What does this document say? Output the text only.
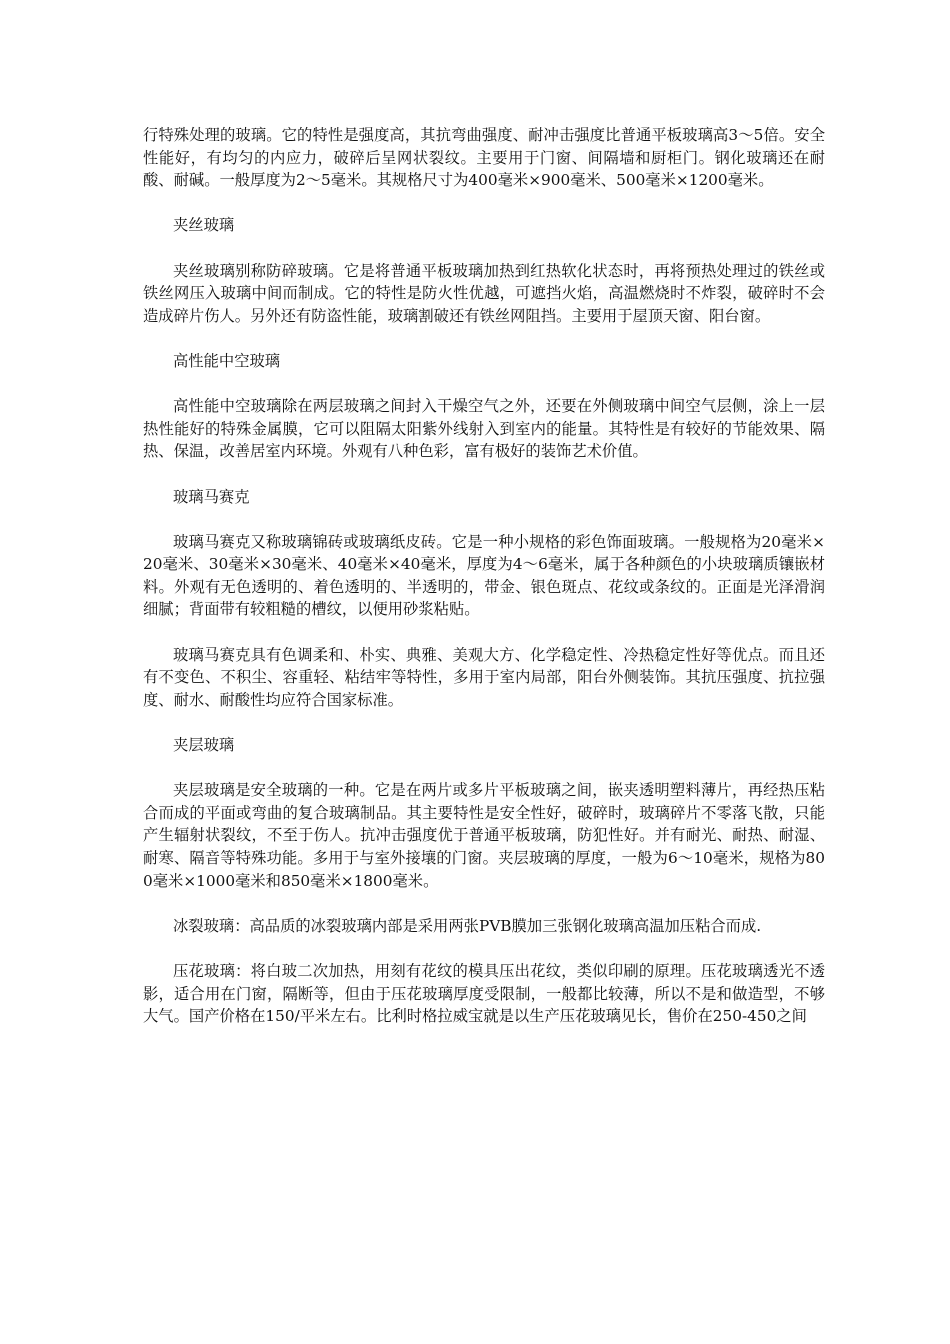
行特殊处理的玻璃。它的特性是强度高，其抗弯曲强度、耐冲击强度比普通平板玻璃高3～5倍。安全性能好，有均匀的内应力，破碎后呈网状裂纹。主要用于门窗、间隔墙和厨柜门。钢化玻璃还在耐酸、耐碱。一般厚度为2～5毫米。其规格尺寸为400毫米×900毫米、500毫米×1200毫米。

夹丝玻璃

夹丝玻璃别称防碎玻璃。它是将普通平板玻璃加热到红热软化状态时，再将预热处理过的铁丝或铁丝网压入玻璃中间而制成。它的特性是防火性优越，可遮挡火焰，高温燃烧时不炸裂，破碎时不会造成碎片伤人。另外还有防盗性能，玻璃割破还有铁丝网阻挡。主要用于屋顶天窗、阳台窗。

高性能中空玻璃

高性能中空玻璃除在两层玻璃之间封入干燥空气之外，还要在外侧玻璃中间空气层侧，涂上一层热性能好的特殊金属膜，它可以阻隔太阳紫外线射入到室内的能量。其特性是有较好的节能效果、隔热、保温，改善居室内环境。外观有八种色彩，富有极好的装饰艺术价值。

玻璃马赛克

玻璃马赛克又称玻璃锦砖或玻璃纸皮砖。它是一种小规格的彩色饰面玻璃。一般规格为20毫米×20毫米、30毫米×30毫米、40毫米×40毫米，厚度为4～6毫米，属于各种颜色的小块玻璃质镶嵌材料。外观有无色透明的、着色透明的、半透明的，带金、银色斑点、花纹或条纹的。正面是光泽滑润细腻；背面带有较粗糙的槽纹，以便用砂浆粘贴。

玻璃马赛克具有色调柔和、朴实、典雅、美观大方、化学稳定性、冷热稳定性好等优点。而且还有不变色、不积尘、容重轻、粘结牢等特性，多用于室内局部，阳台外侧装饰。其抗压强度、抗拉强度、耐水、耐酸性均应符合国家标准。

夹层玻璃

夹层玻璃是安全玻璃的一种。它是在两片或多片平板玻璃之间，嵌夹透明塑料薄片，再经热压粘合而成的平面或弯曲的复合玻璃制品。其主要特性是安全性好，破碎时，玻璃碎片不零落飞散，只能产生辐射状裂纹，不至于伤人。抗冲击强度优于普通平板玻璃，防犯性好。并有耐光、耐热、耐湿、耐寒、隔音等特殊功能。多用于与室外接壤的门窗。夹层玻璃的厚度，一般为6～10毫米，规格为800毫米×1000毫米和850毫米×1800毫米。

冰裂玻璃：高品质的冰裂玻璃内部是采用两张PVB膜加三张钢化玻璃高温加压粘合而成.

压花玻璃：将白玻二次加热，用刻有花纹的模具压出花纹，类似印刷的原理。压花玻璃透光不透影，适合用在门窗，隔断等，但由于压花玻璃厚度受限制，一般都比较薄，所以不是和做造型，不够大气。国产价格在150/平米左右。比利时格拉威宝就是以生产压花玻璃见长，售价在250-450之间
